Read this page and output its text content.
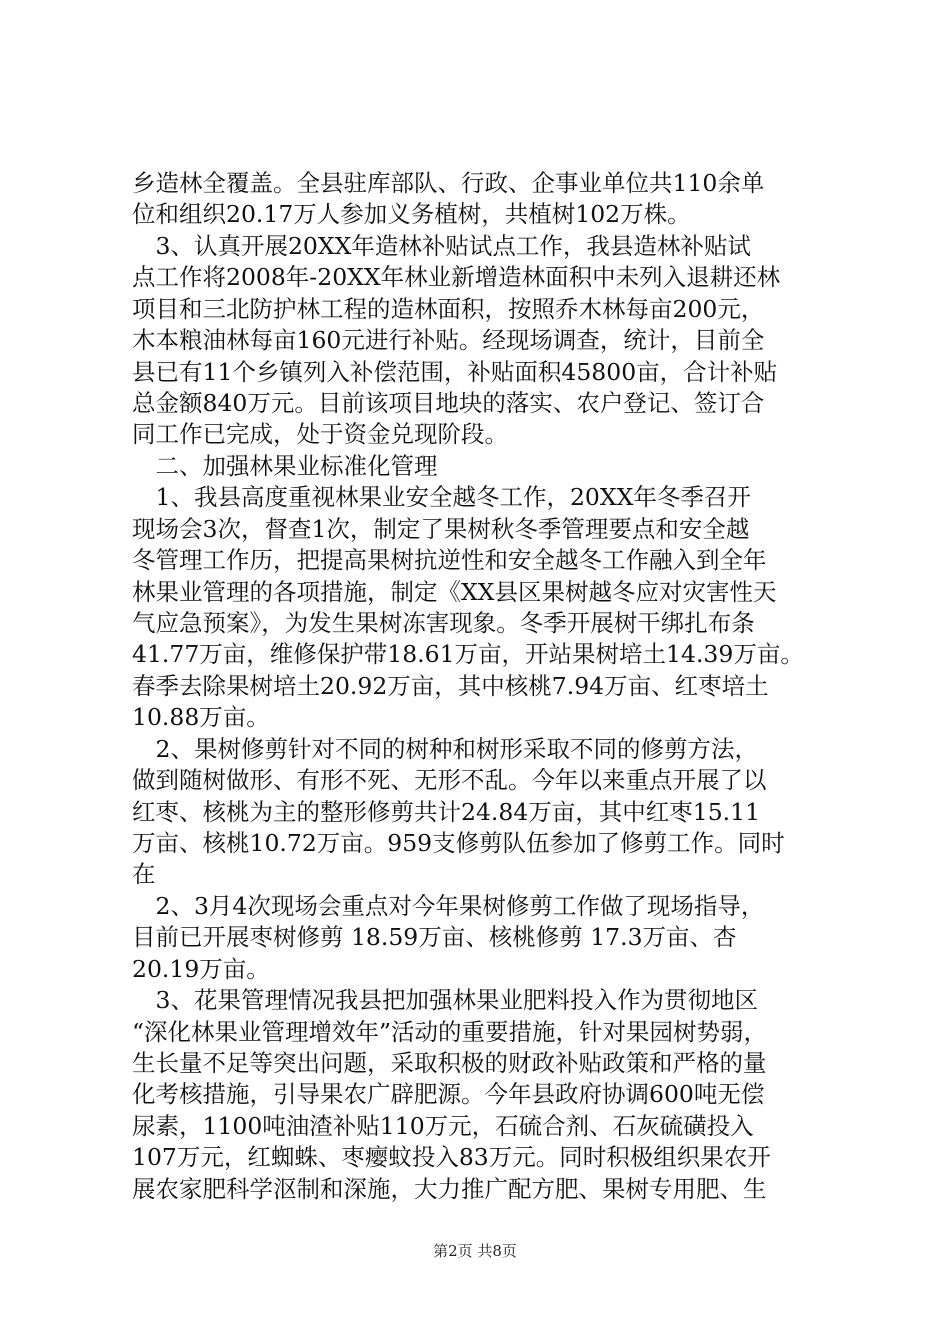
乡造林全覆盖。全县驻库部队、行政、企事业单位共110余单
位和组织20.17万人参加义务植树，共植树102万株。
　3、认真开展20XX年造林补贴试点工作，我县造林补贴试
点工作将2008年-20XX年林业新增造林面积中未列入退耕还林
项目和三北防护林工程的造林面积，按照乔木林每亩200元，
木本粮油林每亩160元进行补贴。经现场调查，统计，目前全
县已有11个乡镇列入补偿范围，补贴面积45800亩，合计补贴
总金额840万元。目前该项目地块的落实、农户登记、签订合
同工作已完成，处于资金兑现阶段。
　二、加强林果业标准化管理
　1、我县高度重视林果业安全越冬工作，20XX年冬季召开
现场会3次，督查1次，制定了果树秋冬季管理要点和安全越
冬管理工作历，把提高果树抗逆性和安全越冬工作融入到全年
林果业管理的各项措施，制定《XX县区果树越冬应对灾害性天
气应急预案》，为发生果树冻害现象。冬季开展树干绑扎布条
41.77万亩，维修保护带18.61万亩，开站果树培土14.39万亩。
春季去除果树培土20.92万亩，其中核桃7.94万亩、红枣培土
10.88万亩。
　2、果树修剪针对不同的树种和树形采取不同的修剪方法，
做到随树做形、有形不死、无形不乱。今年以来重点开展了以
红枣、核桃为主的整形修剪共计24.84万亩，其中红枣15.11
万亩、核桃10.72万亩。959支修剪队伍参加了修剪工作。同时
在
　2、3月4次现场会重点对今年果树修剪工作做了现场指导，
目前已开展枣树修剪 18.59万亩、核桃修剪 17.3万亩、杏
20.19万亩。
　3、花果管理情况我县把加强林果业肥料投入作为贯彻地区
“深化林果业管理增效年”活动的重要措施，针对果园树势弱，
生长量不足等突出问题，采取积极的财政补贴政策和严格的量
化考核措施，引导果农广辟肥源。今年县政府协调600吨无偿
尿素，1100吨油渣补贴110万元，石硫合剂、石灰硫磺投入
107万元，红蜘蛛、枣瘿蚊投入83万元。同时积极组织果农开
展农家肥科学沤制和深施，大力推广配方肥、果树专用肥、生
第2页 共8页
